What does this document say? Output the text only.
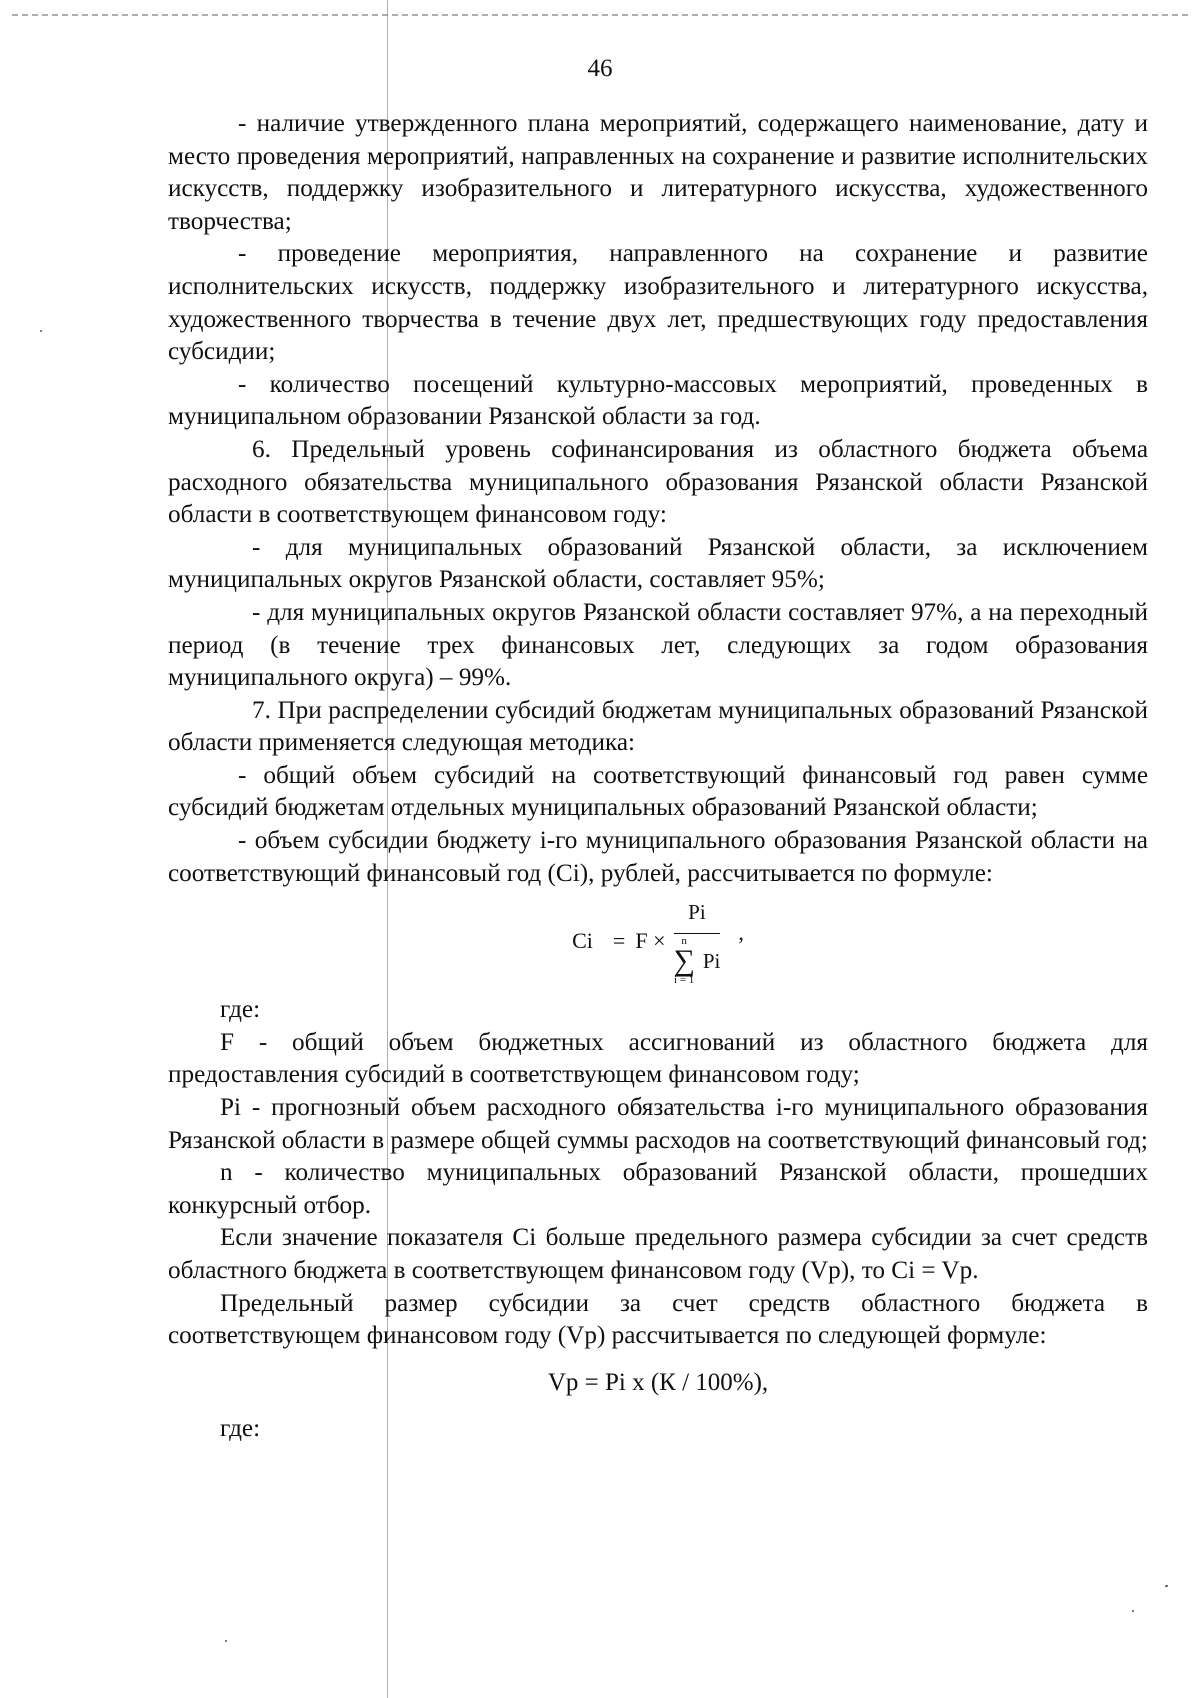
46

- наличие утвержденного плана мероприятий, содержащего наименование, дату и место проведения мероприятий, направленных на сохранение и развитие исполнительских искусств, поддержку изобразительного и литературного искусства, художественного творчества;

- проведение мероприятия, направленного на сохранение и развитие исполнительских искусств, поддержку изобразительного и литературного искусства, художественного творчества в течение двух лет, предшествующих году предоставления субсидии;

- количество посещений культурно-массовых мероприятий, проведенных в муниципальном образовании Рязанской области за год.

6. Предельный уровень софинансирования из областного бюджета объема расходного обязательства муниципального образования Рязанской области Рязанской области в соответствующем финансовом году:

- для муниципальных образований Рязанской области, за исключением муниципальных округов Рязанской области, составляет 95%;

- для муниципальных округов Рязанской области составляет 97%, а на переходный период (в течение трех финансовых лет, следующих за годом образования муниципального округа) – 99%.

7. При распределении субсидий бюджетам муниципальных образований Рязанской области применяется следующая методика:

- общий объем субсидий на соответствующий финансовый год равен сумме субсидий бюджетам отдельных муниципальных образований Рязанской области;

- объем субсидии бюджету i-го муниципального образования Рязанской области на соответствующий финансовый год (Ci), рублей, рассчитывается по формуле:

Ci = F × Pi
n
∑
i = 1
Pi ,

где:

F - общий объем бюджетных ассигнований из областного бюджета для предоставления субсидий в соответствующем финансовом году;

Pi - прогнозный объем расходного обязательства i-го муниципального образования Рязанской области в размере общей суммы расходов на соответствующий финансовый год;

n - количество муниципальных образований Рязанской области, прошедших конкурсный отбор.

Если значение показателя Ci больше предельного размера субсидии за счет средств областного бюджета в соответствующем финансовом году (Vp), то Ci = Vp.

Предельный размер субсидии за счет средств областного бюджета в соответствующем финансовом году (Vp) рассчитывается по следующей формуле:

Vp = Pi x (К / 100%),

где:
